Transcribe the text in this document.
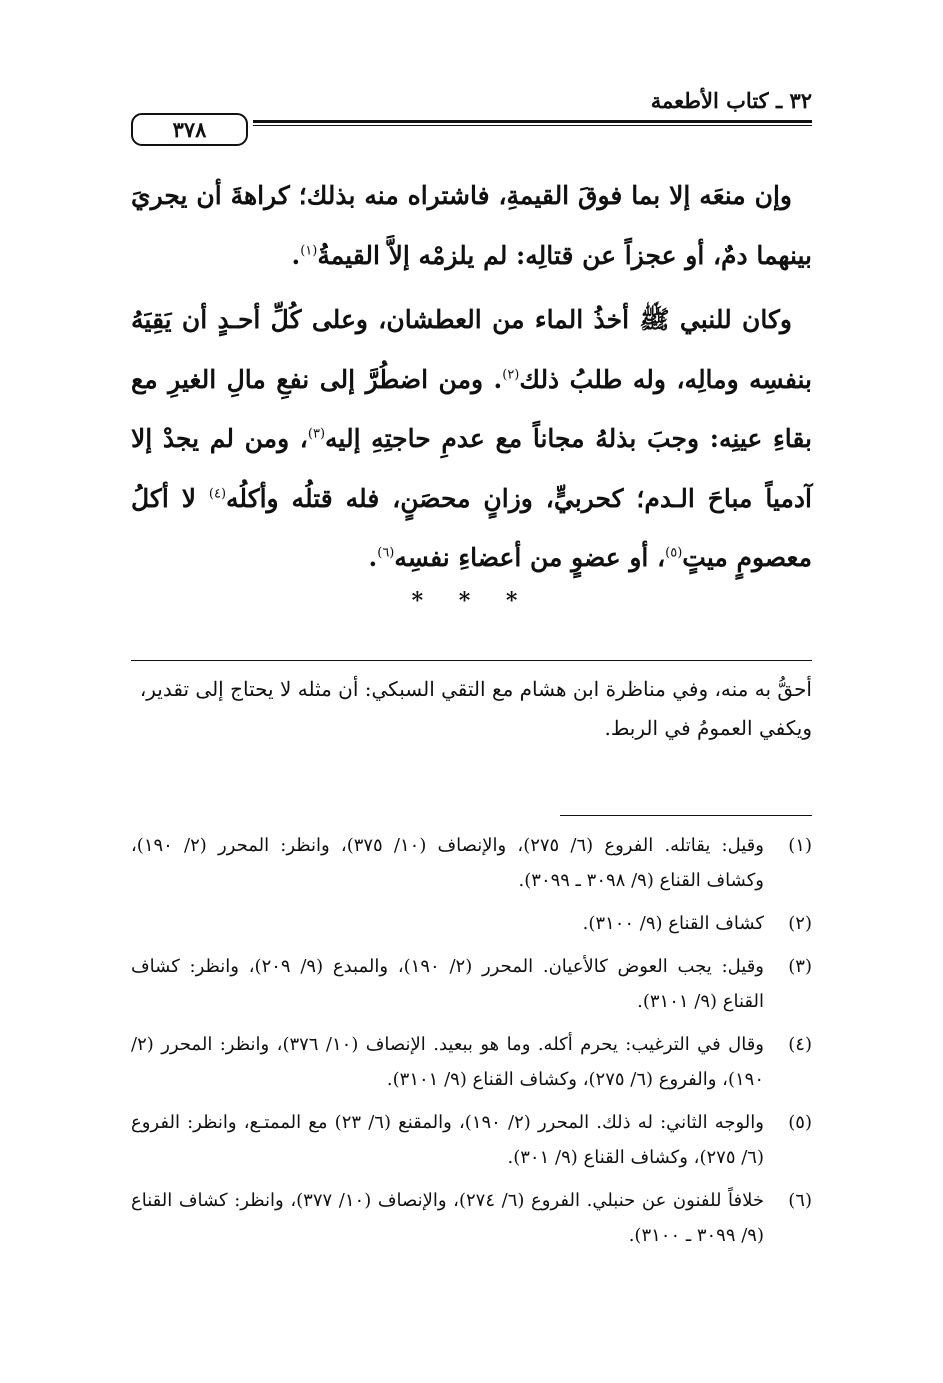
٣٢ ـ كتاب الأطعمة
٣٧٨

وإن منعَه إلا بما فوقَ القيمةِ، فاشتراه منه بذلك؛ كراهةَ أن يجريَ بينهما دمٌ، أو عجزاً عن قتالِه: لم يلزمْه إلاَّ القيمةُ$^{(١)}$.

وكان للنبي ﷺ أخذُ الماء من العطشان، وعلى كُلِّ أحـدٍ أن يَقِيَهُ بنفسِه ومالِه، وله طلبُ ذلك$^{(٢)}$. ومن اضطُرَّ إلى نفعِ مالِ الغيرِ مع بقاءِ عينِه: وجبَ بذلهُ مجاناً مع عدمِ حاجتِهِ إليه$^{(٣)}$، ومن لم يجدْ إلا آدمياً مباحَ الـدم؛ كحربيٍّ، وزانٍ محصَنٍ، فله قتلُه وأكلُه$^{(٤)}$ لا أكلُ معصومٍ ميتٍ$^{(٥)}$، أو عضوٍ من أعضاءِ نفسِه$^{(٦)}$.

* * *

أحقُّ به منه، وفي مناظرة ابن هشام مع التقي السبكي: أن مثله لا يحتاج إلى تقدير،

ويكفي العمومُ في الربط.

(١)
وقيل: يقاتله. الفروع (٦/ ٢٧٥)، والإنصاف (١٠/ ٣٧٥)، وانظر: المحرر (٢/ ١٩٠)، وكشاف القناع (٩/ ٣٠٩٨ ـ ٣٠٩٩).
(٢)
كشاف القناع (٩/ ٣١٠٠).
(٣)
وقيل: يجب العوض كالأعيان. المحرر (٢/ ١٩٠)، والمبدع (٩/ ٢٠٩)، وانظر: كشاف القناع (٩/ ٣١٠١).
(٤)
وقال في الترغيب: يحرم أكله. وما هو ببعيد. الإنصاف (١٠/ ٣٧٦)، وانظر: المحرر (٢/ ١٩٠)، والفروع (٦/ ٢٧٥)، وكشاف القناع (٩/ ٣١٠١).
(٥)
والوجه الثاني: له ذلك. المحرر (٢/ ١٩٠)، والمقنع (٦/ ٢٣) مع الممتـع، وانظر: الفروع (٦/ ٢٧٥)، وكشاف القناع (٩/ ٣٠١).
(٦)
خلافاً للفنون عن حنبلي. الفروع (٦/ ٢٧٤)، والإنصاف (١٠/ ٣٧٧)، وانظر: كشاف القناع (٩/ ٣٠٩٩ ـ ٣١٠٠).
